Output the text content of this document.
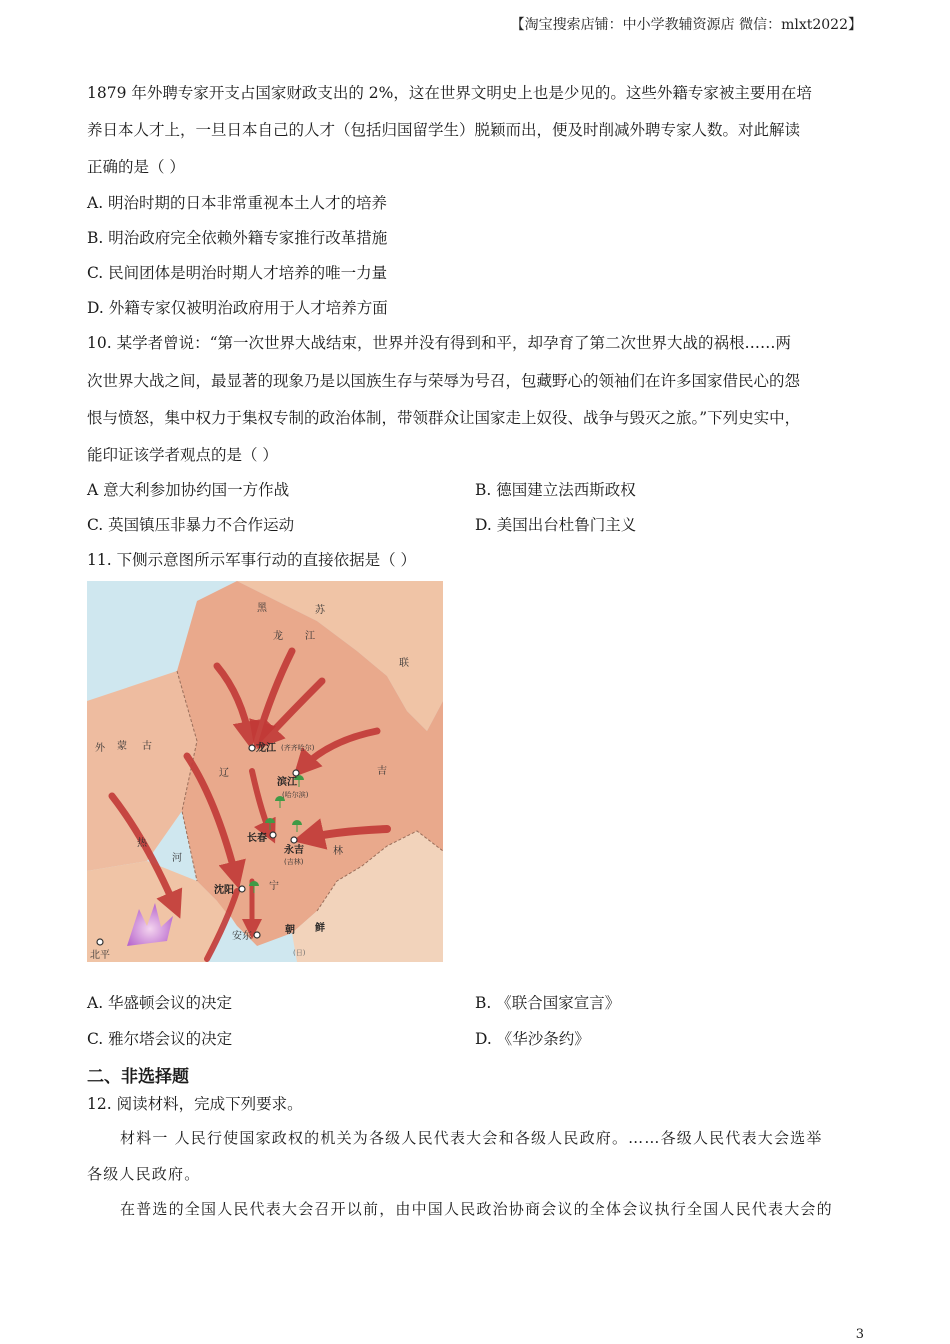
【淘宝搜索店铺：中小学教辅资源店 微信：mlxt2022】
1879 年外聘专家开支占国家财政支出的 2%，这在世界文明史上也是少见的。这些外籍专家被主要用在培
养日本人才上，一旦日本自己的人才（包括归国留学生）脱颖而出，便及时削减外聘专家人数。对此解读
正确的是（ ）
A. 明治时期的日本非常重视本土人才的培养
B. 明治政府完全依赖外籍专家推行改革措施
C. 民间团体是明治时期人才培养的唯一力量
D. 外籍专家仅被明治政府用于人才培养方面
10. 某学者曾说：“第一次世界大战结束，世界并没有得到和平，却孕育了第二次世界大战的祸根……两
次世界大战之间，最显著的现象乃是以国族生存与荣辱为号召，包藏野心的领袖们在许多国家借民心的怨
恨与愤怒，集中权力于集权专制的政治体制，带领群众让国家走上奴役、战争与毁灭之旅。”下列史实中，
能印证该学者观点的是（ ）
A 意大利参加协约国一方作战	B. 德国建立法西斯政权
C. 英国镇压非暴力不合作运动	D. 美国出台杜鲁门主义
11. 下侧示意图所示军事行动的直接依据是（ ）
苏
联
黑
龙 江
外 蒙 古
吉
林
辽
热
河
宁
朝 鲜
(日)
龙江 (齐齐哈尔)
滨江
(哈尔滨)
长春
永吉
(吉林)
沈阳
安东
北平
A. 华盛顿会议的决定	B. 《联合国家宣言》
C. 雅尔塔会议的决定	D. 《华沙条约》
二、非选择题
12. 阅读材料，完成下列要求。
材料一 人民行使国家政权的机关为各级人民代表大会和各级人民政府。……各级人民代表大会选举
各级人民政府。
在普选的全国人民代表大会召开以前，由中国人民政治协商会议的全体会议执行全国人民代表大会的
3
